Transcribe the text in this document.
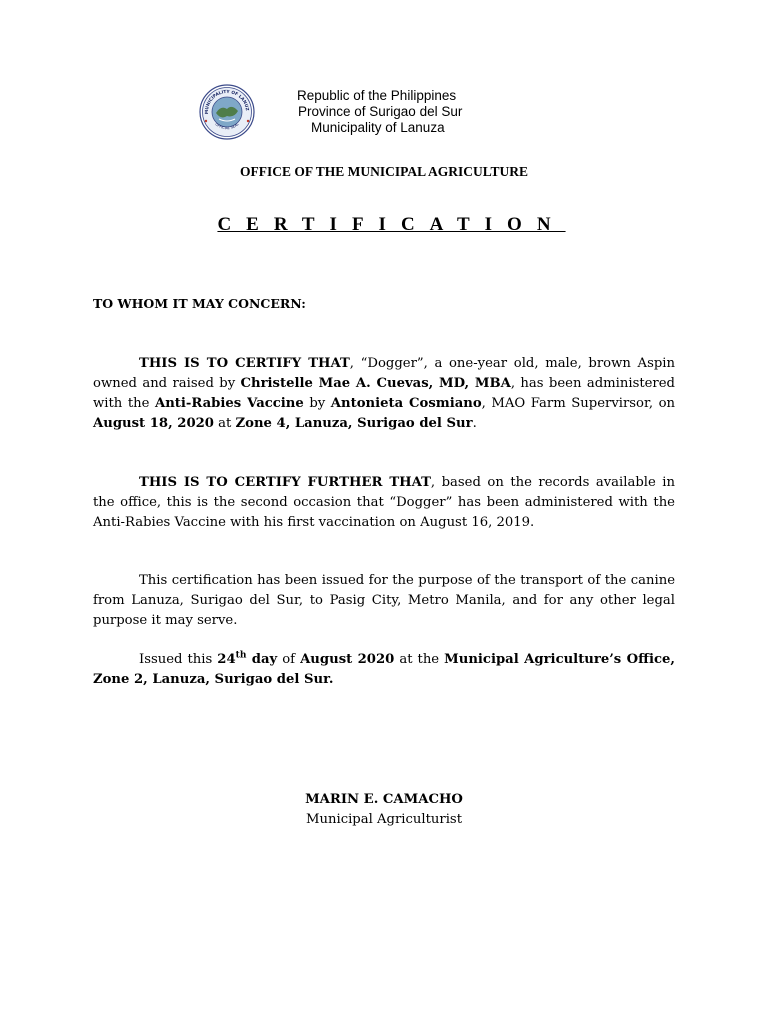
MUNICIPALITY OF LANUZ
OFFICIAL SEAL
Republic of the Philippines
Province of Surigao del Sur
Municipality of Lanuza
OFFICE OF THE MUNICIPAL AGRICULTURE
CERTIFICATION
TO WHOM IT MAY CONCERN:
THIS IS TO CERTIFY THAT, “Dogger”, a one-year old, male, brown Aspin owned and raised by Christelle Mae A. Cuevas, MD, MBA, has been administered with the Anti-Rabies Vaccine by Antonieta Cosmiano, MAO Farm Supervirsor, on August 18, 2020 at Zone 4, Lanuza, Surigao del Sur.
THIS IS TO CERTIFY FURTHER THAT, based on the records available in the office, this is the second occasion that “Dogger” has been administered with the Anti-Rabies Vaccine with his first vaccination on August 16, 2019.
This certification has been issued for the purpose of the transport of the canine from Lanuza, Surigao del Sur, to Pasig City, Metro Manila, and for any other legal purpose it may serve.
Issued this 24th day of August 2020 at the Municipal Agriculture’s Office, Zone 2, Lanuza, Surigao del Sur.
MARIN E. CAMACHO
Municipal Agriculturist
